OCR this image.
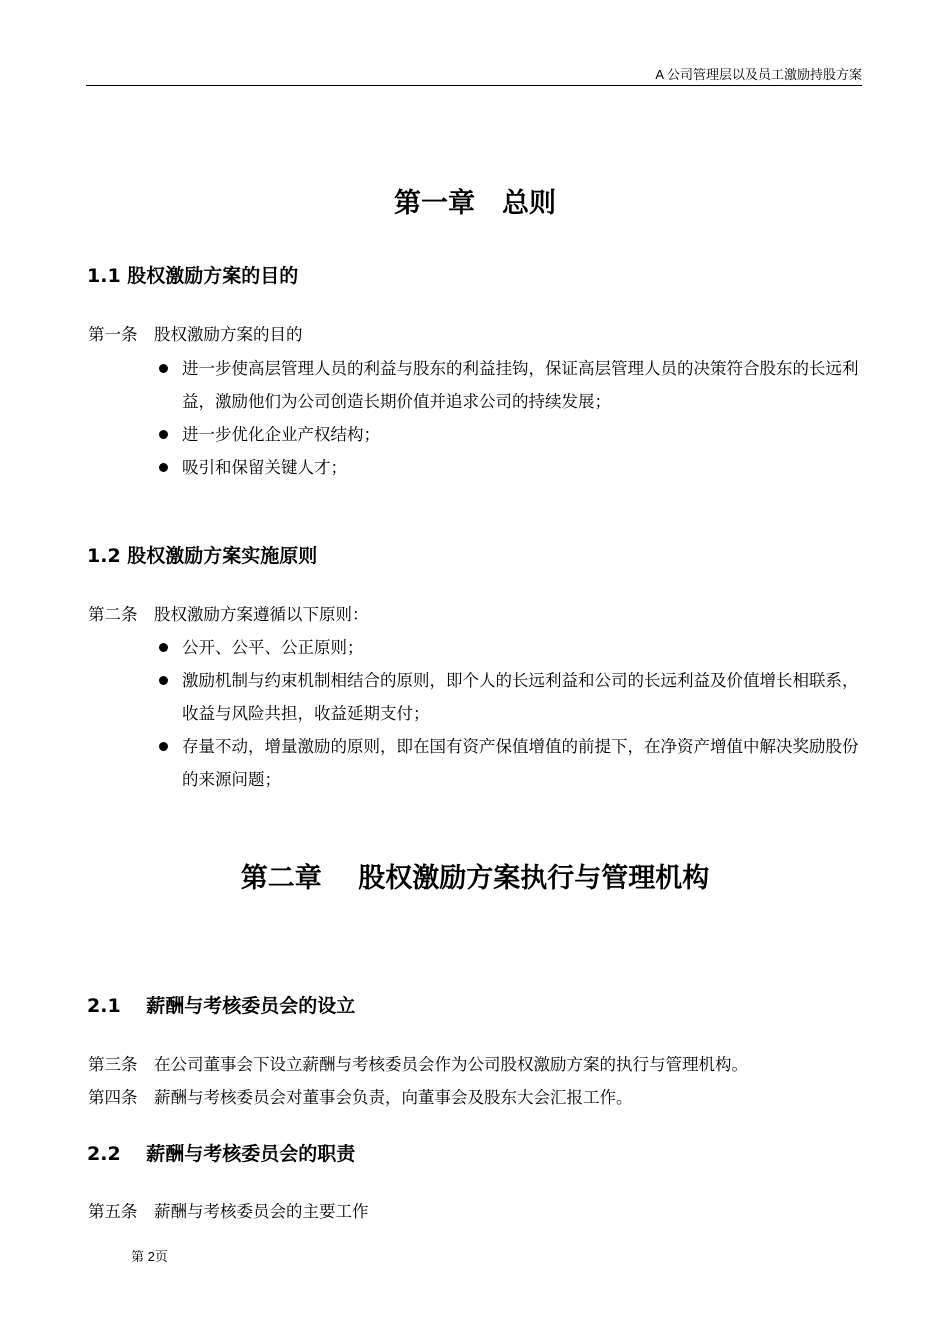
A 公司管理层以及员工激励持股方案
第一章　总则
1.1 股权激励方案的目的
第一条　股权激励方案的目的
进一步使高层管理人员的利益与股东的利益挂钩，保证高层管理人员的决策符合股东的长远利益，激励他们为公司创造长期价值并追求公司的持续发展；
进一步优化企业产权结构；
吸引和保留关键人才；
1.2 股权激励方案实施原则
第二条　股权激励方案遵循以下原则：
公开、公平、公正原则；
激励机制与约束机制相结合的原则，即个人的长远利益和公司的长远利益及价值增长相联系，收益与风险共担，收益延期支付；
存量不动，增量激励的原则，即在国有资产保值增值的前提下，在净资产增值中解决奖励股份的来源问题；
第二章　 股权激励方案执行与管理机构
2.1　 薪酬与考核委员会的设立
第三条　在公司董事会下设立薪酬与考核委员会作为公司股权激励方案的执行与管理机构。
第四条　薪酬与考核委员会对董事会负责，向董事会及股东大会汇报工作。
2.2　 薪酬与考核委员会的职责
第五条　薪酬与考核委员会的主要工作
第 2页
